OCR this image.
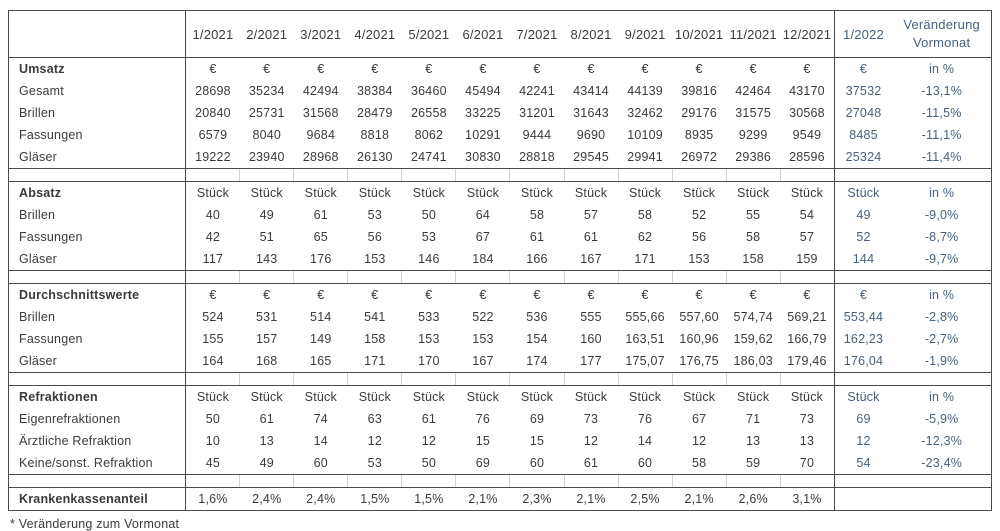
	1/2021	2/2021	3/2021	4/2021	5/2021	6/2021	7/2021	8/2021	9/2021	10/2021	11/2021	12/2021	1/2022	Veränderung
Vormonat

Umsatz	€	€	€	€	€	€	€	€	€	€	€	€	€	in %
Gesamt	28698	35234	42494	38384	36460	45494	42241	43414	44139	39816	42464	43170	37532	-13,1%
Brillen	20840	25731	31568	28479	26558	33225	31201	31643	32462	29176	31575	30568	27048	-11,5%
Fassungen	6579	8040	9684	8818	8062	10291	9444	9690	10109	8935	9299	9549	8485	-11,1%
Gläser	19222	23940	28968	26130	24741	30830	28818	29545	29941	26972	29386	28596	25324	-11,4%

Absatz	Stück	Stück	Stück	Stück	Stück	Stück	Stück	Stück	Stück	Stück	Stück	Stück	Stück	in %
Brillen	40	49	61	53	50	64	58	57	58	52	55	54	49	-9,0%
Fassungen	42	51	65	56	53	67	61	61	62	56	58	57	52	-8,7%
Gläser	117	143	176	153	146	184	166	167	171	153	158	159	144	-9,7%

Durchschnittswerte	€	€	€	€	€	€	€	€	€	€	€	€	€	in %
Brillen	524	531	514	541	533	522	536	555	555,66	557,60	574,74	569,21	553,44	-2,8%
Fassungen	155	157	149	158	153	153	154	160	163,51	160,96	159,62	166,79	162,23	-2,7%
Gläser	164	168	165	171	170	167	174	177	175,07	176,75	186,03	179,46	176,04	-1,9%

Refraktionen	Stück	Stück	Stück	Stück	Stück	Stück	Stück	Stück	Stück	Stück	Stück	Stück	Stück	in %
Eigenrefraktionen	50	61	74	63	61	76	69	73	76	67	71	73	69	-5,9%
Ärztliche Refraktion	10	13	14	12	12	15	15	12	14	12	13	13	12	-12,3%
Keine/sonst. Refraktion	45	49	60	53	50	69	60	61	60	58	59	70	54	-23,4%

Krankenkassenanteil	1,6%	2,4%	2,4%	1,5%	1,5%	2,1%	2,3%	2,1%	2,5%	2,1%	2,6%	3,1%		
* Veränderung zum Vormonat
